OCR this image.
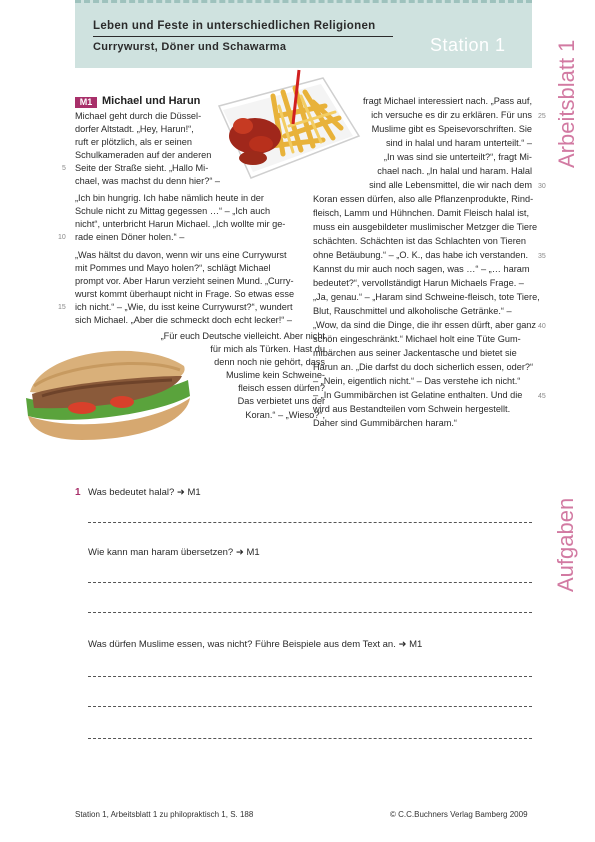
Leben und Feste in unterschiedlichen Religionen
Currywurst, Döner und Schawarma	Station 1 Arbeitsblatt 1
Aufgaben
M1 Michael und Harun
Michael geht durch die Düssel-
dorfer Altstadt. „Hey, Harun!“,
ruft er plötzlich, als er seinen
Schulkameraden auf der anderen
Seite der Straße sieht. „Hallo Mi-
chael, was machst du denn hier?“ –
„Ich bin hungrig. Ich habe nämlich heute in der
Schule nicht zu Mittag gegessen …“ – „Ich auch
nicht“, unterbricht Harun Michael. „Ich wollte mir ge-
rade einen Döner holen.“ –
„Was hältst du davon, wenn wir uns eine Currywurst
mit Pommes und Mayo holen?“, schlägt Michael
prompt vor. Aber Harun verzieht seinen Mund. „Curry-
wurst kommt überhaupt nicht in Frage. So etwas esse
ich nicht.“ – „Wie, du isst keine Currywurst?“, wundert
sich Michael. „Aber die schmeckt doch echt lecker!“ –
„Für euch Deutsche vielleicht. Aber nicht
für mich als Türken. Hast du
denn noch nie gehört, dass
Muslime kein Schweine-
fleisch essen dürfen?
Das verbietet uns der
Koran.“ – „Wieso?“,
5
10
15
fragt Michael interessiert nach. „Pass auf,
ich versuche es dir zu erklären. Für uns
Muslime gibt es Speisevorschriften. Sie
sind in halal und haram unterteilt.“ –
„In was sind sie unterteilt?“, fragt Mi-
chael nach. „In halal und haram. Halal
sind alle Lebensmittel, die wir nach dem
Koran essen dürfen, also alle Pflanzenprodukte, Rind-
fleisch, Lamm und Hühnchen. Damit Fleisch halal ist,
muss ein ausgebildeter muslimischer Metzger die Tiere
schächten. Schächten ist das Schlachten von Tieren
ohne Betäubung.“ – „O. K., das habe ich verstanden.
Kannst du mir auch noch sagen, was …“ – „… haram
bedeutet?“, vervollständigt Harun Michaels Frage. –
„Ja, genau.“ – „Haram sind Schweine-fleisch, tote Tiere,
Blut, Rauschmittel und alkoholische Getränke.“ –
„Wow, da sind die Dinge, die ihr essen dürft, aber ganz
schön eingeschränkt.“ Michael holt eine Tüte Gum-
mibärchen aus seiner Jackentasche und bietet sie
Harun an. „Die darfst du doch sicherlich essen, oder?“
– „Nein, eigentlich nicht.“ – Das verstehe ich nicht.“
– „In Gummibärchen ist Gelatine enthalten. Und die
wird aus Bestandteilen vom Schwein hergestellt.
Daher sind Gummibärchen haram.“
25
30
35
40
45
1 Was bedeutet halal? ➜ M1
Wie kann man haram übersetzen? ➜ M1
Was dürfen Muslime essen, was nicht? Führe Beispiele aus dem Text an. ➜ M1
Station 1, Arbeitsblatt 1 zu philopraktisch 1, S. 188	© C.C.Buchners Verlag Bamberg 2009
